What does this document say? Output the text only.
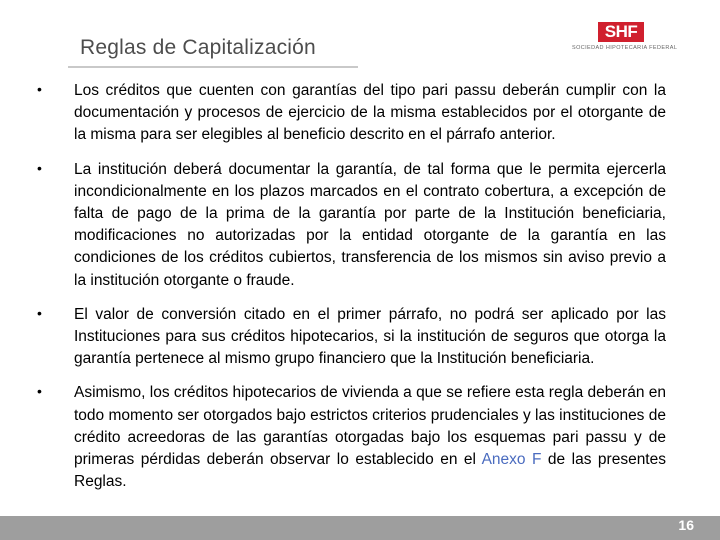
Reglas de Capitalización
SHF
SOCIEDAD HIPOTECARIA FEDERAL
• Los créditos que cuenten con garantías del tipo pari passu deberán cumplir con la documentación y procesos de ejercicio de la misma establecidos por el otorgante de la misma para ser elegibles al beneficio descrito en el párrafo anterior.
• La institución deberá documentar la garantía, de tal forma que le permita ejercerla incondicionalmente en los plazos marcados en el contrato cobertura, a excepción de falta de pago de la prima de la garantía por parte de la Institución beneficiaria, modificaciones no autorizadas por la entidad otorgante de la garantía en las condiciones de los créditos cubiertos, transferencia de los mismos sin aviso previo a la institución otorgante o fraude.
• El valor de conversión citado en el primer párrafo, no podrá ser aplicado por las Instituciones para sus créditos hipotecarios, si la institución de seguros que otorga la garantía pertenece al mismo grupo financiero que la Institución beneficiaria.
• Asimismo, los créditos hipotecarios de vivienda a que se refiere esta regla deberán en todo momento ser otorgados bajo estrictos criterios prudenciales y las instituciones de crédito acreedoras de las garantías otorgadas bajo los esquemas pari passu y de primeras pérdidas deberán observar lo establecido en el Anexo F de las presentes Reglas.
16
